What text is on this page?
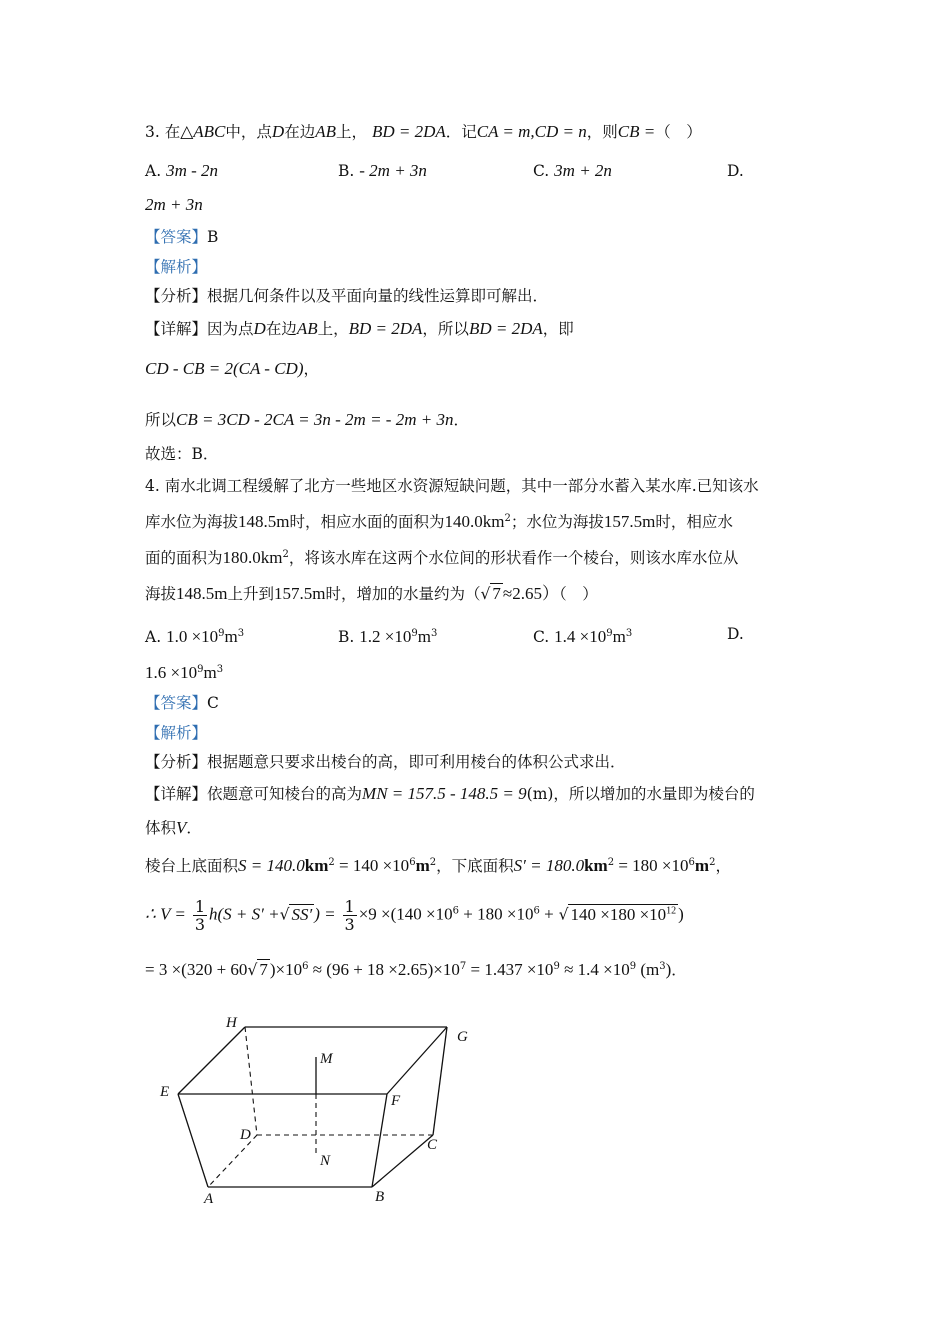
3. 在△ABC中，点D在边AB上， BD = 2DA．记CA = m,CD = n，则CB =（　）
A. 3m - 2n	B. - 2m + 3n	C. 3m + 2n	D.
2m + 3n
【答案】B
【解析】
【分析】根据几何条件以及平面向量的线性运算即可解出．
【详解】因为点D在边AB上，BD = 2DA，所以BD = 2DA，即
CD - CB = 2(CA - CD)，
所以CB = 3CD - 2CA = 3n - 2m = - 2m + 3n．
故选：B．
4. 南水北调工程缓解了北方一些地区水资源短缺问题，其中一部分水蓄入某水库.已知该水
库水位为海拔148.5m时，相应水面的面积为$140.0km^2$；水位为海拔157.5m时，相应水
面的面积为$180.0km^2$，将该水库在这两个水位间的形状看作一个棱台，则该水库水位从
海拔148.5m上升到157.5m时，增加的水量约为（√ 7 ≈2.65）（　）
A. $1.0 \times 10^9m^3$	B. $1.2 \times 10^9m^3$	C. $1.4 \times 10^9m^3$	D.
$1.6 \times 10^9m^3$
【答案】C
【解析】
【分析】根据题意只要求出棱台的高，即可利用棱台的体积公式求出．
【详解】依题意可知棱台的高为MN = 157.5 - 148.5 = 9(m)，所以增加的水量即为棱台的
体积V．
棱台上底面积$S = 140.0km^2 = 140 \times 10^6m^2$，下底面积$S' = 180.0km^2 = 180 \times 10^6m^2$，
∴ $V = \frac{1}{3} h(S + S'$ +√ SS′ ) = $\frac{1}{3} \times 9 \times(140 \times 10^6 + 180 \times 10^6$ + √ $140 \times 180 \times 10^{12}$ )
= 3 ×(320 + 60√ 7 )$\times 10^6 \approx (96 + 18 \times 2.65)\times 10^7 = 1.437 \times 10^9 \approx 1.4 \times 10^9$ $(m^3)$．
H
G
E
F
D
C
A	B
M
N
